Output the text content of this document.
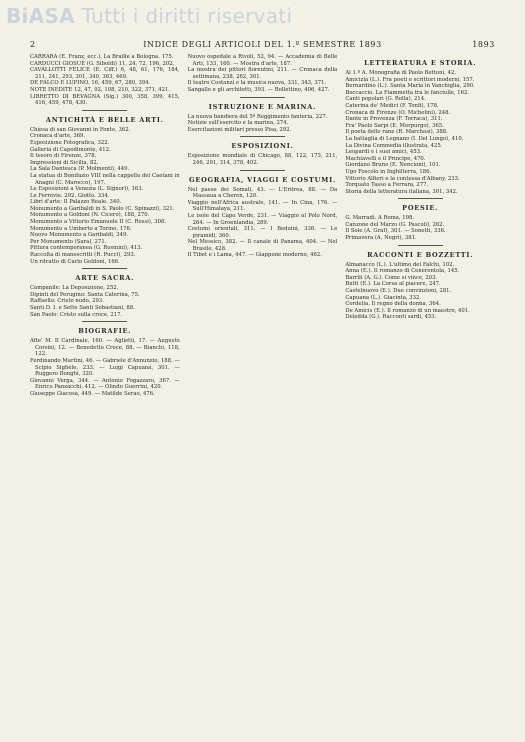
BiASA Tutti i diritti riservati
2	INDICE DEGLI ARTICOLI DEL 1.º SEMESTRE 1893	1893

CARRARA (E. Franz, ecc.). La Braille a Bologna. 175.

CARDUCCI GIOSUÈ (G. Siboldi) 11, 24, 72, 196, 202.

CAVALLOTTI FELICE (E. Ciff.) 6, 48, 61, 176, 184, 211, 241, 293, 301, 340, 363, 469.

DE FALCO E LUPINO. 16, 459, 67, 280, 394.

NOTE INEDITE 12, 47, 92, 108, 210, 322, 371, 421.

LIBRETTO DI BEVAGNA (Sig.) 300, 358, 399, 415, 416, 459, 478, 430.

ANTICHITÀ E BELLE ARTI.

Chiesa di san Giovanni in Fonte, 362.

Cronaca d'arte, 369.

Esposizione Fotografica, 322.

Galleria di Capodimonte, 412.

Il tesoro di Firenze, 378.

Impressioni di Sicilia, 82.

La Sala Dantesca (P. Molmenti), 449.

La statua di Bonifazio VIII nella cappella dei Caetani in Anagni (C. Marocco), 197.

Le Esposizioni a Venezia (L. Signori), 163.

Le Ferrovie. 292. Giotto. 334.

Libri d'arte: Il Palazzo Reale. 340.

Monumento a Garibaldi in S. Paolo (C. Spinazzi), 321.

Monumento a Goldoni (N. Cicero), 188, 270.

Monumento a Vittorio Emanuele II (C. Rossi), 308.

Monumento a Umberto a Torino, 176.

Nuovo Monumento a Garibaldi, 349.

Per Monumento (Sara), 271.

Pittura contemporanea (G. Rosmini), 413.

Raccolta di manoscritti (R. Pucci), 293.

Un ritratto di Carlo Goldoni, 166.

ARTE SACRA.

Campanile: La Deposizione, 252.

Dipinti del Perugino: Santa Caterina, 75.

Raffaello: Cristo nudo, 293.

Santi D. I. e Sette Santi Sebastiani, 88.

San Paolo: Cristo sulla croce, 217.

BIOGRAFIE.

Afte' M. Il Cardinale, 160. — Aglietti, 17. — Augusto Corsini, 12. — Benedetto Croce, 88. — Bianchi, 118, 122.

Ferdinando Martini, 46. — Gabriele d'Annunzio, 188. — Scipio Sighele, 233. — Luigi Capuana, 301. — Ruggero Bonghi, 320.

Giovanni Verga, 344. — Antonio Fogazzaro, 367. — Enrico Panzacchi, 412. — Olindo Guerrini, 420.

Giuseppe Giacosa, 449. — Matilde Serao, 476.

Nuovo ospedale a Rivoli, 52, 94. — Accademia di Belle Arti, 133, 160. — Mostra d'arte, 187.

La mostra dei pittori fiorentini, 211. — Cronaca della settimana, 238, 262, 301.

Il teatro Costanzi e la musica nuova, 331, 343, 371.

Sangallo e gli architetti, 393. — Bollettino, 406, 427.

ISTRUZIONE E MARINA.

La nuova bandiera del 5º Reggimento fanteria, 227.

Notizie sull'esercito e la marina, 274.

Esercitazioni militari presso Pisa, 292.

ESPOSIZIONI.

Esposizione mondiale di Chicago, 88, 122, 173, 211, 246, 291, 314, 378, 402.

GEOGRAFIA, VIAGGI E COSTUMI.

Nel paese dei Somali, 43. — L'Eritrea, 88. — Da Massaua a Cheren, 120.

Viaggio nell'Africa australe, 141. — In Cina, 176. — Sull'Himalaya, 211.

Le isole del Capo Verde, 231. — Viaggio al Polo Nord, 264. — In Groenlandia, 289.

Costumi orientali, 311. — I Beduini, 336. — Le piramidi, 360.

Nel Messico, 382. — Il canale di Panama, 404. — Nel Brasile, 428.

Il Tibet e i Lama, 447. — Giappone moderno, 462.

LETTERATURA E STORIA.

Al 1.º A. Monografia di Paolo Bettoni, 42.

Amicizia (L.). Fra poeti e scrittori moderni, 157.

Bernardino (L.). Santa Maria in Vanchiglia, 290.

Boccaccio. La Fiammetta tra le fanciulle, 162.

Canti popolari (G. Rolla), 214.

Caterina de' Medici (F. Tonfi), 178.

Cronaca di Firenze (O. Michelini), 248.

Dante in Provenza (F. Torraca), 311.

Fra' Paolo Sarpi (E. Morpurgo), 365.

Il poeta delle rane (R. Marchesi), 388.

La battaglia di Legnano (I. Del Lungo), 410.

La Divina Commedia illustrata, 425.

Leopardi e i suoi amici, 453.

Machiavelli e il Principe, 470.

Giordano Bruno (E. Nencioni), 101.

Ugo Foscolo in Inghilterra, 186.

Vittorio Alfieri e la contessa d'Albany, 233.

Torquato Tasso a Ferrara, 277.

Storia della letteratura italiana, 301, 342.

POESIE.

G. Marradi. A Roma, 198.

Canzone del Marzo (G. Pascoli), 262.

Il Sole (A. Graf), 301. — Sonetti, 336.

Primavera (A. Negri), 381.

RACCONTI E BOZZETTI.

Almanacco (L.). L'ultimo dei Falchi, 102.

Anna (E.). Il romanzo di Cenerentola, 145.

Barrili (A. G.). Come si vince, 203.

Butti (E.). La Corsa al piacere, 247.

Castelnuovo (E.). Due convinzioni, 281.

Capuana (L.). Giacinta, 332.

Cordelia. Il regno della donna, 364.

De Amicis (E.). Il romanzo di un maestro, 401.

Deledda (G.). Racconti sardi, 453.
